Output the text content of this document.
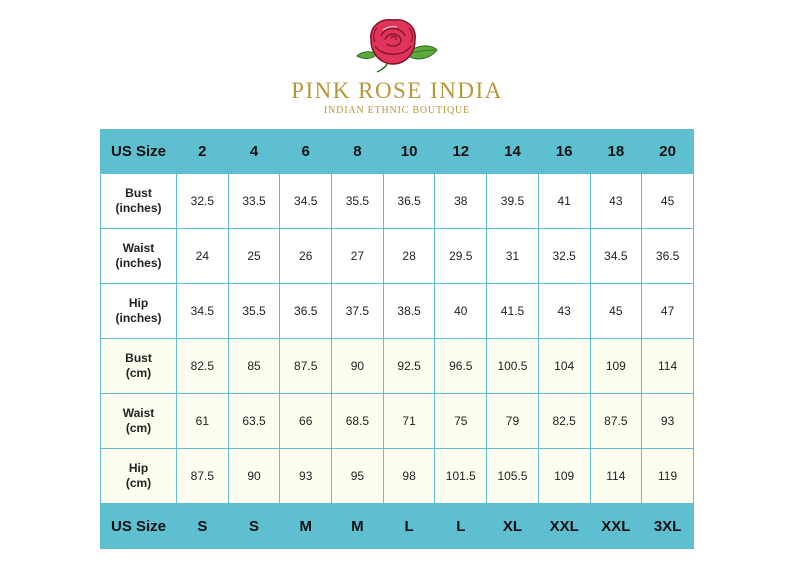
PINK ROSE INDIA
INDIAN ETHNIC BOUTIQUE
US Size	2	4	6	8	10	12	14	16	18	20
Bust
(inches)	32.5	33.5	34.5	35.5	36.5	38	39.5	41	43	45
Waist
(inches)	24	25	26	27	28	29.5	31	32.5	34.5	36.5
Hip
(inches)	34.5	35.5	36.5	37.5	38.5	40	41.5	43	45	47
Bust
(cm)	82.5	85	87.5	90	92.5	96.5	100.5	104	109	114
Waist
(cm)	61	63.5	66	68.5	71	75	79	82.5	87.5	93
Hip
(cm)	87.5	90	93	95	98	101.5	105.5	109	114	119
US Size	S	S	M	M	L	L	XL	XXL	XXL	3XL
